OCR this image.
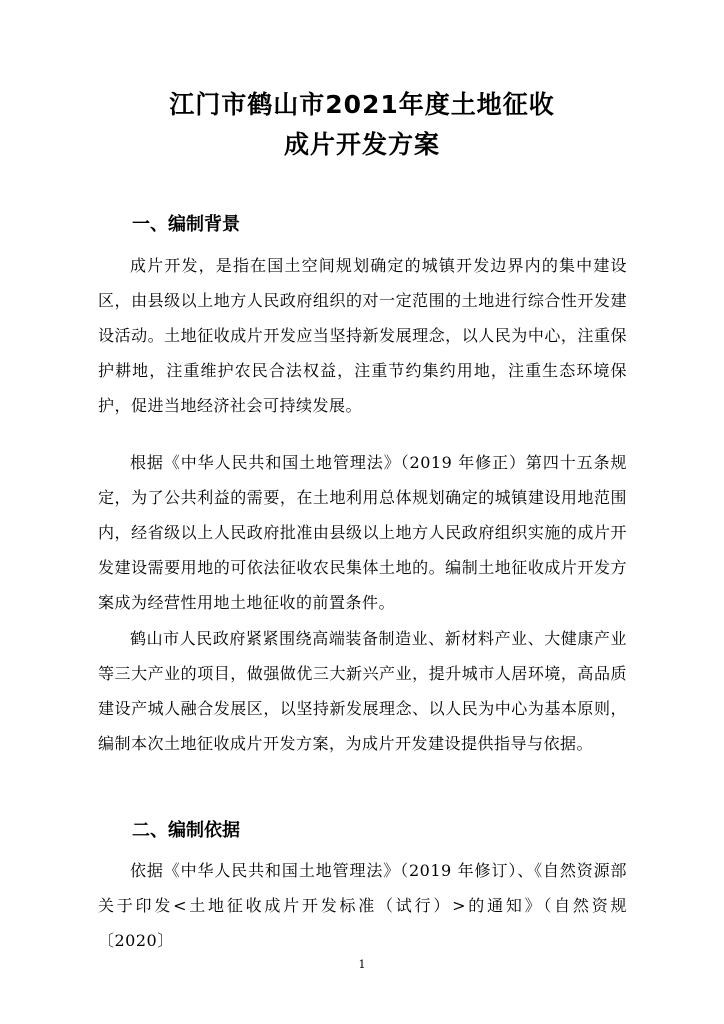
江门市鹤山市2021年度土地征收
成片开发方案
一、编制背景
成片开发，是指在国土空间规划确定的城镇开发边界内的集中建设区，由县级以上地方人民政府组织的对一定范围的土地进行综合性开发建设活动。土地征收成片开发应当坚持新发展理念，以人民为中心，注重保护耕地，注重维护农民合法权益，注重节约集约用地，注重生态环境保护，促进当地经济社会可持续发展。
根据《中华人民共和国土地管理法》（2019 年修正）第四十五条规定，为了公共利益的需要，在土地利用总体规划确定的城镇建设用地范围内，经省级以上人民政府批准由县级以上地方人民政府组织实施的成片开发建设需要用地的可依法征收农民集体土地的。编制土地征收成片开发方案成为经营性用地土地征收的前置条件。
鹤山市人民政府紧紧围绕高端装备制造业、新材料产业、大健康产业等三大产业的项目，做强做优三大新兴产业，提升城市人居环境，高品质建设产城人融合发展区，以坚持新发展理念、以人民为中心为基本原则，编制本次土地征收成片开发方案，为成片开发建设提供指导与依据。
二、编制依据
依据《中华人民共和国土地管理法》（2019 年修订）、《自然资源部关于印发<土地征收成片开发标准（试行）>的通知》（自然资规〔2020〕
1
